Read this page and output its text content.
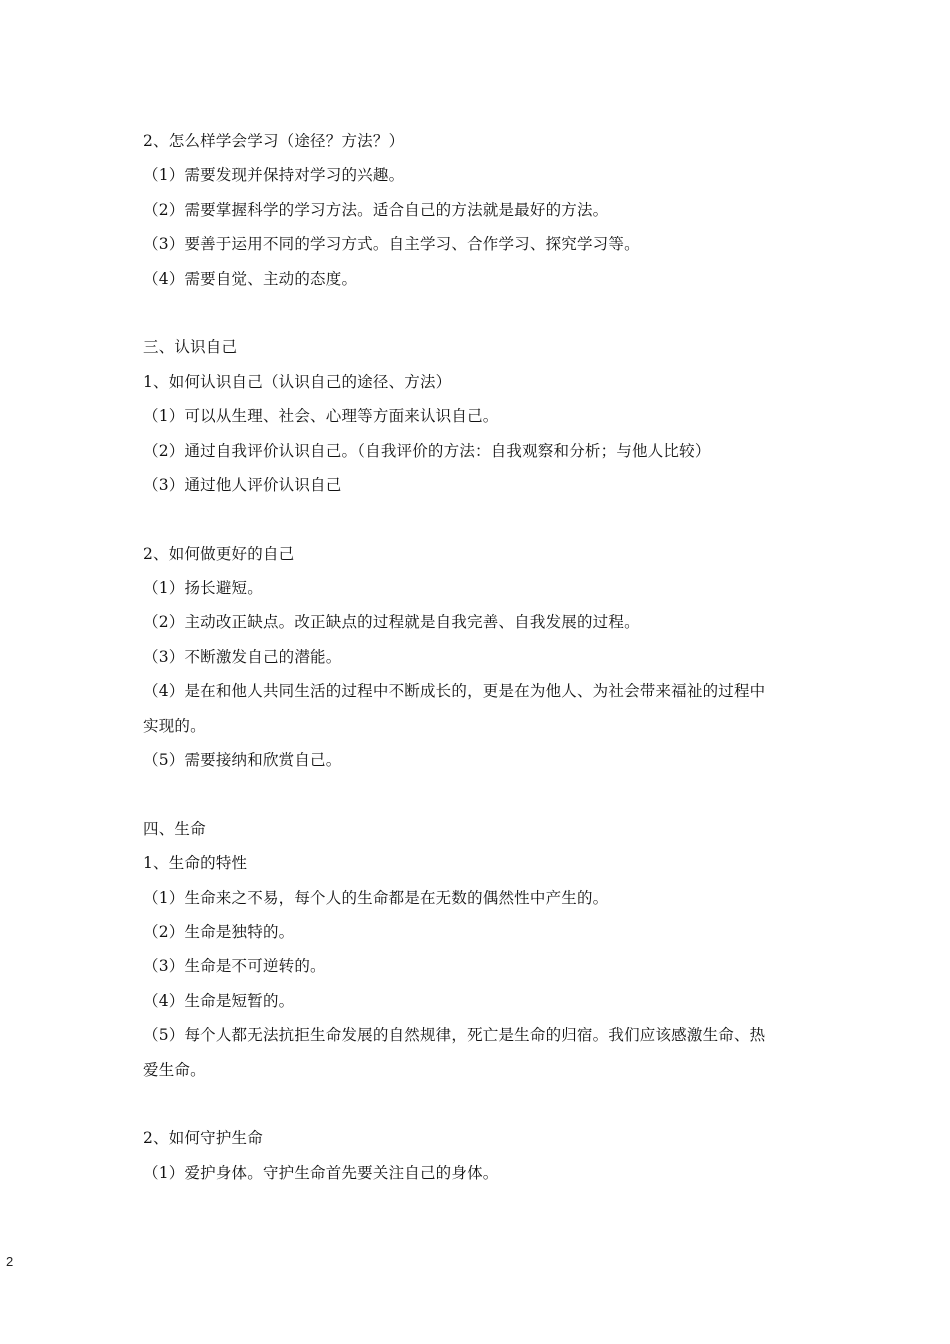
2、怎么样学会学习（途径？方法？）
（1）需要发现并保持对学习的兴趣。
（2）需要掌握科学的学习方法。适合自己的方法就是最好的方法。
（3）要善于运用不同的学习方式。自主学习、合作学习、探究学习等。
（4）需要自觉、主动的态度。
三、认识自己
1、如何认识自己（认识自己的途径、方法）
（1）可以从生理、社会、心理等方面来认识自己。
（2）通过自我评价认识自己。（自我评价的方法：自我观察和分析；与他人比较）
（3）通过他人评价认识自己
2、如何做更好的自己
（1）扬长避短。
（2）主动改正缺点。改正缺点的过程就是自我完善、自我发展的过程。
（3）不断激发自己的潜能。
（4）是在和他人共同生活的过程中不断成长的，更是在为他人、为社会带来福祉的过程中
实现的。
（5）需要接纳和欣赏自己。
四、生命
1、生命的特性
（1）生命来之不易，每个人的生命都是在无数的偶然性中产生的。
（2）生命是独特的。
（3）生命是不可逆转的。
（4）生命是短暂的。
（5）每个人都无法抗拒生命发展的自然规律，死亡是生命的归宿。我们应该感激生命、热
爱生命。
2、如何守护生命
（1）爱护身体。守护生命首先要关注自己的身体。
2
